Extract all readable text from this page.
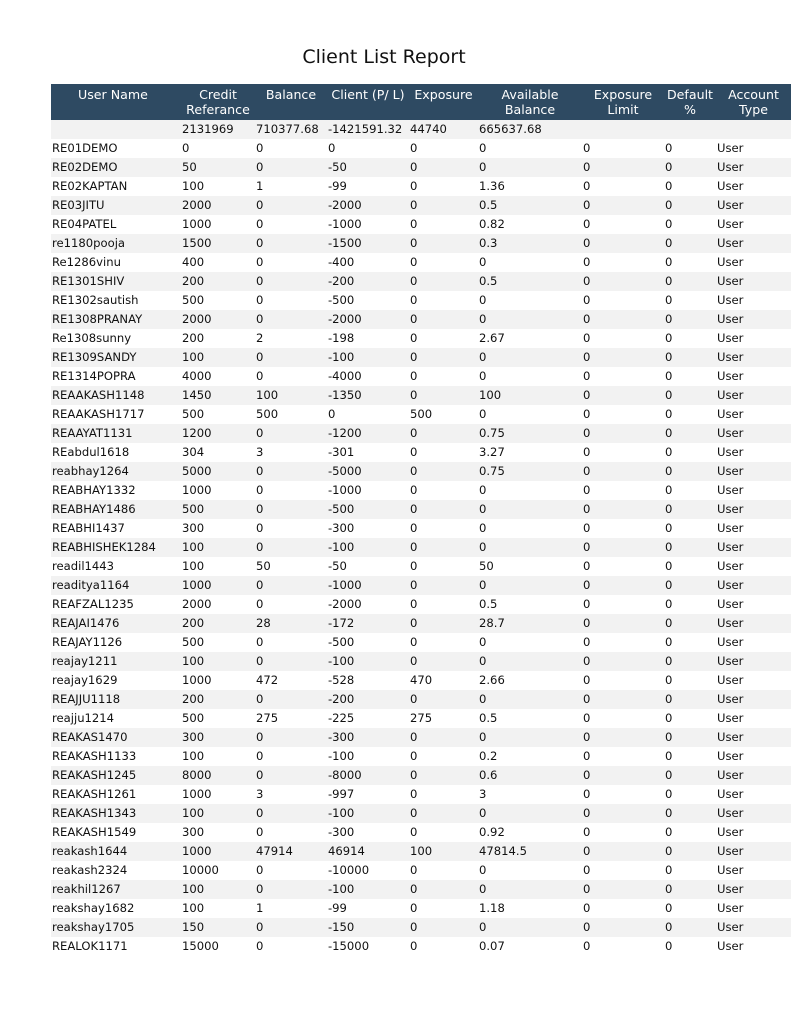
Client List Report
User Name	Credit Referance	Balance	Client (P/ L)	Exposure	Available Balance	Exposure Limit	Default %	Account Type
	2131969	710377.68	-1421591.32	44740	665637.68			
RE01DEMO	0	0	0	0	0	0	0	User
RE02DEMO	50	0	-50	0	0	0	0	User
RE02KAPTAN	100	1	-99	0	1.36	0	0	User
RE03JITU	2000	0	-2000	0	0.5	0	0	User
RE04PATEL	1000	0	-1000	0	0.82	0	0	User
re1180pooja	1500	0	-1500	0	0.3	0	0	User
Re1286vinu	400	0	-400	0	0	0	0	User
RE1301SHIV	200	0	-200	0	0.5	0	0	User
RE1302sautish	500	0	-500	0	0	0	0	User
RE1308PRANAY	2000	0	-2000	0	0	0	0	User
Re1308sunny	200	2	-198	0	2.67	0	0	User
RE1309SANDY	100	0	-100	0	0	0	0	User
RE1314POPRA	4000	0	-4000	0	0	0	0	User
REAAKASH1148	1450	100	-1350	0	100	0	0	User
REAAKASH1717	500	500	0	500	0	0	0	User
REAAYAT1131	1200	0	-1200	0	0.75	0	0	User
REabdul1618	304	3	-301	0	3.27	0	0	User
reabhay1264	5000	0	-5000	0	0.75	0	0	User
REABHAY1332	1000	0	-1000	0	0	0	0	User
REABHAY1486	500	0	-500	0	0	0	0	User
REABHI1437	300	0	-300	0	0	0	0	User
REABHISHEK1284	100	0	-100	0	0	0	0	User
readil1443	100	50	-50	0	50	0	0	User
readitya1164	1000	0	-1000	0	0	0	0	User
REAFZAL1235	2000	0	-2000	0	0.5	0	0	User
REAJAI1476	200	28	-172	0	28.7	0	0	User
REAJAY1126	500	0	-500	0	0	0	0	User
reajay1211	100	0	-100	0	0	0	0	User
reajay1629	1000	472	-528	470	2.66	0	0	User
REAJJU1118	200	0	-200	0	0	0	0	User
reajju1214	500	275	-225	275	0.5	0	0	User
REAKAS1470	300	0	-300	0	0	0	0	User
REAKASH1133	100	0	-100	0	0.2	0	0	User
REAKASH1245	8000	0	-8000	0	0.6	0	0	User
REAKASH1261	1000	3	-997	0	3	0	0	User
REAKASH1343	100	0	-100	0	0	0	0	User
REAKASH1549	300	0	-300	0	0.92	0	0	User
reakash1644	1000	47914	46914	100	47814.5	0	0	User
reakash2324	10000	0	-10000	0	0	0	0	User
reakhil1267	100	0	-100	0	0	0	0	User
reakshay1682	100	1	-99	0	1.18	0	0	User
reakshay1705	150	0	-150	0	0	0	0	User
REALOK1171	15000	0	-15000	0	0.07	0	0	User
